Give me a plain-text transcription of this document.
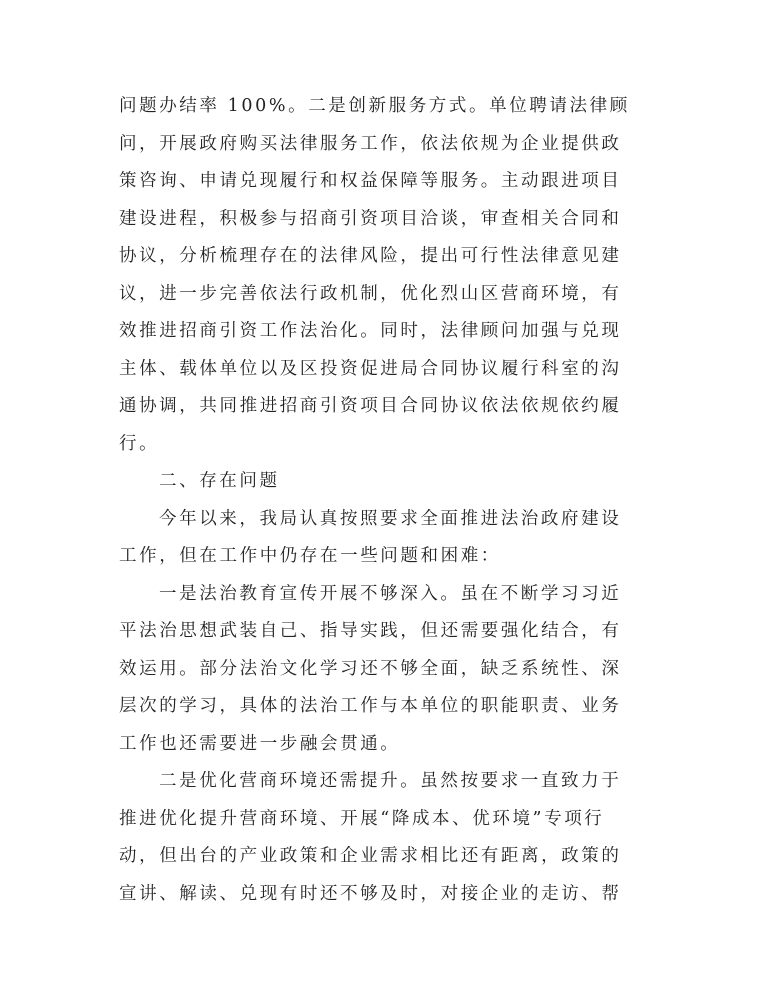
问题办结率 100%。二是创新服务方式。单位聘请法律顾
问，开展政府购买法律服务工作，依法依规为企业提供政
策咨询、申请兑现履行和权益保障等服务。主动跟进项目
建设进程，积极参与招商引资项目洽谈，审查相关合同和
协议，分析梳理存在的法律风险，提出可行性法律意见建
议，进一步完善依法行政机制，优化烈山区营商环境，有
效推进招商引资工作法治化。同时，法律顾问加强与兑现
主体、载体单位以及区投资促进局合同协议履行科室的沟
通协调，共同推进招商引资项目合同协议依法依规依约履
行。
二、存在问题
今年以来，我局认真按照要求全面推进法治政府建设
工作，但在工作中仍存在一些问题和困难：
一是法治教育宣传开展不够深入。虽在不断学习习近
平法治思想武装自己、指导实践，但还需要强化结合，有
效运用。部分法治文化学习还不够全面，缺乏系统性、深
层次的学习，具体的法治工作与本单位的职能职责、业务
工作也还需要进一步融会贯通。
二是优化营商环境还需提升。虽然按要求一直致力于
推进优化提升营商环境、开展“降成本、优环境”专项行
动，但出台的产业政策和企业需求相比还有距离，政策的
宣讲、解读、兑现有时还不够及时，对接企业的走访、帮
